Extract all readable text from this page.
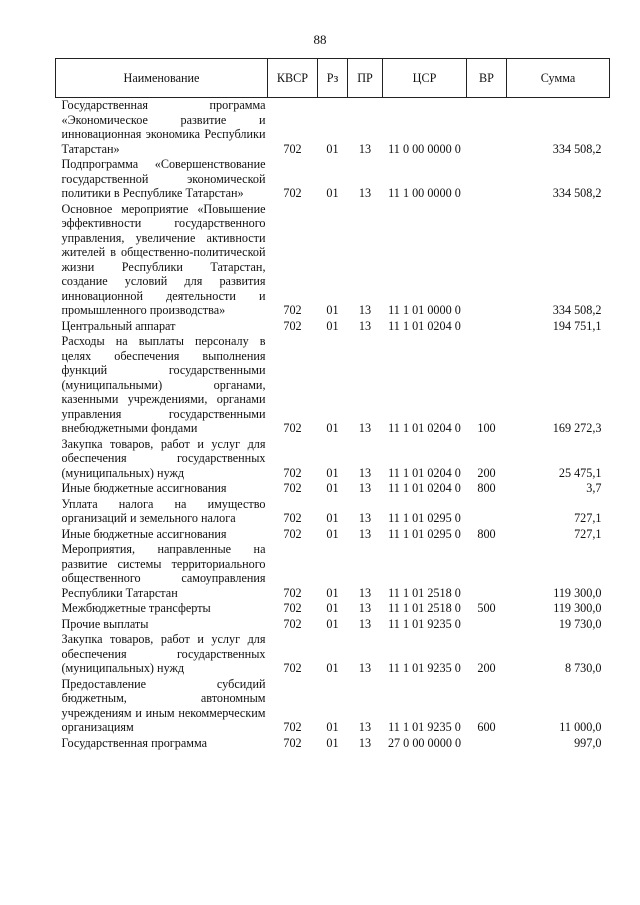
88
Наименование	КВСР	Рз	ПР	ЦСР	ВР	Сумма
Государственная программа «Экономическое развитие и инновационная экономика Республики Татарстан»	702	01	13	11 0 00 0000 0		334 508,2
Подпрограмма «Совершенствование государственной экономической политики в Республике Татарстан»	702	01	13	11 1 00 0000 0		334 508,2
Основное мероприятие «Повышение эффективности государственного управления, увеличение активности жителей в общественно-политической жизни Республики Татарстан, создание условий для развития инновационной деятельности и промышленного производства»	702	01	13	11 1 01 0000 0		334 508,2
Центральный аппарат	702	01	13	11 1 01 0204 0		194 751,1
Расходы на выплаты персоналу в целях обеспечения выполнения функций государственными (муниципальными) органами, казенными учреждениями, органами управления государственными внебюджетными фондами	702	01	13	11 1 01 0204 0	100	169 272,3
Закупка товаров, работ и услуг для обеспечения государственных (муниципальных) нужд	702	01	13	11 1 01 0204 0	200	25 475,1
Иные бюджетные ассигнования	702	01	13	11 1 01 0204 0	800	3,7
Уплата налога на имущество организаций и земельного налога	702	01	13	11 1 01 0295 0		727,1
Иные бюджетные ассигнования	702	01	13	11 1 01 0295 0	800	727,1
Мероприятия, направленные на развитие системы территориального общественного самоуправления Республики Татарстан	702	01	13	11 1 01 2518 0		119 300,0
Межбюджетные трансферты	702	01	13	11 1 01 2518 0	500	119 300,0
Прочие выплаты	702	01	13	11 1 01 9235 0		19 730,0
Закупка товаров, работ и услуг для обеспечения государственных (муниципальных) нужд	702	01	13	11 1 01 9235 0	200	8 730,0
Предоставление субсидий бюджетным, автономным учреждениям и иным некоммерческим организациям	702	01	13	11 1 01 9235 0	600	11 000,0
Государственная программа	702	01	13	27 0 00 0000 0		997,0
